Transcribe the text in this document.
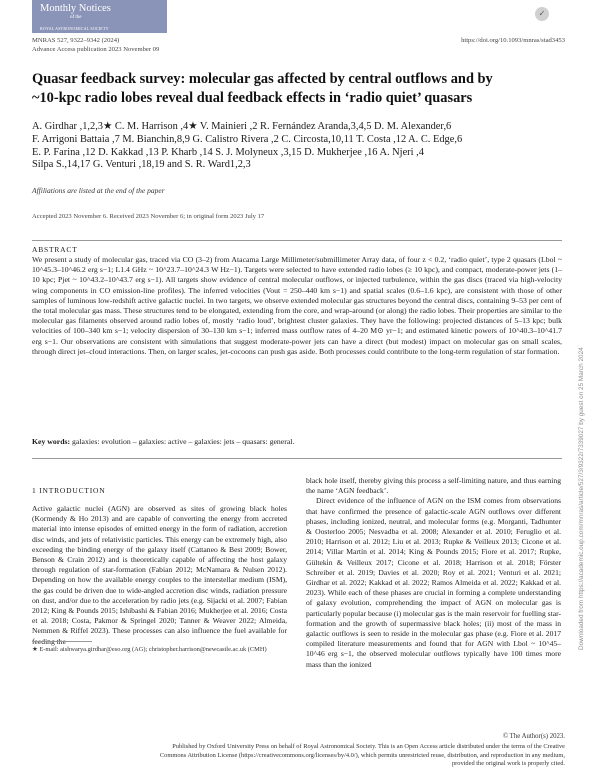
Monthly Notices
of the
ROYAL ASTRONOMICAL SOCIETY
✓
MNRAS 527, 9322–9342 (2024)	https://doi.org/10.1093/mnras/stad3453
Advance Access publication 2023 November 09
Quasar feedback survey: molecular gas affected by central outflows and by
~10-kpc radio lobes reveal dual feedback effects in ‘radio quiet’ quasars
A. Girdhar ,1,2,3★ C. M. Harrison ,4★ V. Mainieri ,2 R. Fernández Aranda,3,4,5 D. M. Alexander,6
F. Arrigoni Battaia ,7 M. Bianchin,8,9 G. Calistro Rivera ,2 C. Circosta,10,11 T. Costa ,12 A. C. Edge,6
E. P. Farina ,12 D. Kakkad ,13 P. Kharb ,14 S. J. Molyneux ,3,15 D. Mukherjee ,16 A. Njeri ,4
Silpa S.,14,17 G. Venturi ,18,19 and S. R. Ward1,2,3
Affiliations are listed at the end of the paper
Accepted 2023 November 6. Received 2023 November 6; in original form 2023 July 17
ABSTRACT
We present a study of molecular gas, traced via CO (3–2) from Atacama Large Millimeter/submillimeter Array data, of four z < 0.2, ‘radio quiet’, type 2 quasars (Lbol ~ 10^45.3–10^46.2 erg s−1; L1.4 GHz ~ 10^23.7–10^24.3 W Hz−1). Targets were selected to have extended radio lobes (≥ 10 kpc), and compact, moderate-power jets (1–10 kpc; Pjet ~ 10^43.2–10^43.7 erg s−1). All targets show evidence of central molecular outflows, or injected turbulence, within the gas discs (traced via high-velocity wing components in CO emission-line profiles). The inferred velocities (Vout = 250–440 km s−1) and spatial scales (0.6–1.6 kpc), are consistent with those of other samples of luminous low-redshift active galactic nuclei. In two targets, we observe extended molecular gas structures beyond the central discs, containing 9–53 per cent of the total molecular gas mass. These structures tend to be elongated, extending from the core, and wrap-around (or along) the radio lobes. Their properties are similar to the molecular gas filaments observed around radio lobes of, mostly ‘radio loud’, brightest cluster galaxies. They have the following: projected distances of 5–13 kpc; bulk velocities of 100–340 km s−1; velocity dispersion of 30–130 km s−1; inferred mass outflow rates of 4–20 M⊙ yr−1; and estimated kinetic powers of 10^40.3–10^41.7 erg s−1. Our observations are consistent with simulations that suggest moderate-power jets can have a direct (but modest) impact on molecular gas on small scales, through direct jet–cloud interactions. Then, on larger scales, jet-cocoons can push gas aside. Both processes could contribute to the long-term regulation of star formation.
Key words: galaxies: evolution – galaxies: active – galaxies: jets – quasars: general.
1 INTRODUCTION

Active galactic nuclei (AGN) are observed as sites of growing black holes (Kormendy & Ho 2013) and are capable of converting the energy from accreted material into intense episodes of emitted energy in the form of radiation, accretion disc winds, and jets of relativistic particles. This energy can be extremely high, also exceeding the binding energy of the galaxy itself (Cattaneo & Best 2009; Bower, Benson & Crain 2012) and is theoretically capable of affecting the host galaxy through regulation of star-formation (Fabian 2012; McNamara & Nulsen 2012). Depending on how the available energy couples to the interstellar medium (ISM), the gas could be driven due to wide-angled accretion disc winds, radiation pressure on dust, and/or due to the acceleration by radio jets (e.g. Sijacki et al. 2007; Fabian 2012; King & Pounds 2015; Ishibashi & Fabian 2016; Mukherjee et al. 2016; Costa et al. 2018; Costa, Pakmor & Springel 2020; Tanner & Weaver 2022; Almeida, Nemmen & Riffel 2023). These processes can also influence the fuel available for feeding the

black hole itself, thereby giving this process a self-limiting nature, and thus earning the name ‘AGN feedback’.

Direct evidence of the influence of AGN on the ISM comes from observations that have confirmed the presence of galactic-scale AGN outflows over different phases, including ionized, neutral, and molecular forms (e.g. Morganti, Tadhunter & Oosterloo 2005; Nesvadba et al. 2008; Alexander et al. 2010; Feruglio et al. 2010; Harrison et al. 2012; Liu et al. 2013; Rupke & Veilleux 2013; Cicone et al. 2014; Villar Martín et al. 2014; King & Pounds 2015; Fiore et al. 2017; Rupke, Gülteki̇n & Veilleux 2017; Cicone et al. 2018; Harrison et al. 2018; Förster Schreiber et al. 2019; Davies et al. 2020; Roy et al. 2021; Venturi et al. 2021; Girdhar et al. 2022; Kakkad et al. 2022; Ramos Almeida et al. 2022; Kakkad et al. 2023). While each of these phases are crucial in forming a complete understanding of galaxy evolution, comprehending the impact of AGN on molecular gas is particularly popular because (i) molecular gas is the main reservoir for fuelling star-formation and the growth of supermassive black holes; (ii) most of the mass in galactic outflows is seen to reside in the molecular gas phase (e.g. Fiore et al. 2017 compiled literature measurements and found that for AGN with Lbol ~ 10^45–10^46 erg s−1, the observed molecular outflows typically have 100 times more mass than the ionized

★ E-mail: aishwarya.girdhar@eso.org (AG); christopher.harrison@newcastle.ac.uk (CMH)
© The Author(s) 2023.
Published by Oxford University Press on behalf of Royal Astronomical Society. This is an Open Access article distributed under the terms of the Creative
Commons Attribution License (https://creativecommons.org/licenses/by/4.0/), which permits unrestricted reuse, distribution, and reproduction in any medium,
provided the original work is properly cited.
Downloaded from https://academic.oup.com/mnras/article/527/3/9322/7339027 by guest on 25 March 2024
